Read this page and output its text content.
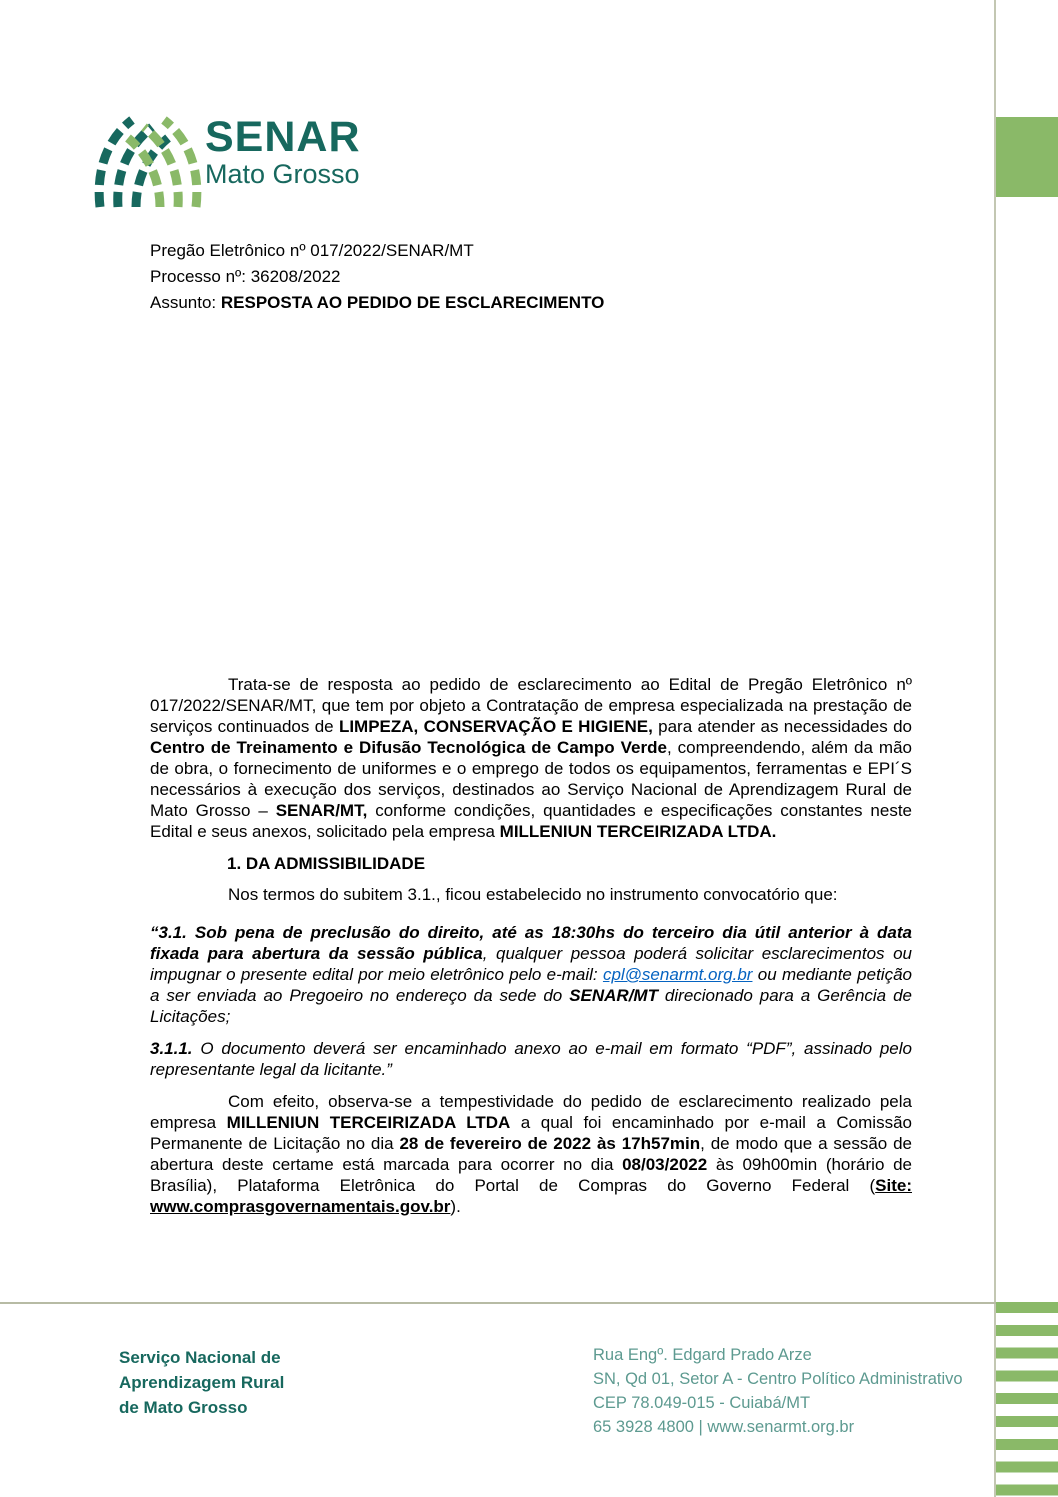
SENAR
Mato Grosso
Pregão Eletrônico nº 017/2022/SENAR/MT
Processo nº: 36208/2022
Assunto: RESPOSTA AO PEDIDO DE ESCLARECIMENTO

Trata-se de resposta ao pedido de esclarecimento ao Edital de Pregão Eletrônico nº 017/2022/SENAR/MT, que tem por objeto a Contratação de empresa especializada na prestação de serviços continuados de LIMPEZA, CONSERVAÇÃO E HIGIENE, para atender as necessidades do Centro de Treinamento e Difusão Tecnológica de Campo Verde, compreendendo, além da mão de obra, o fornecimento de uniformes e o emprego de todos os equipamentos, ferramentas e EPI´S necessários à execução dos serviços, destinados ao Serviço Nacional de Aprendizagem Rural de Mato Grosso – SENAR/MT, conforme condições, quantidades e especificações constantes neste Edital e seus anexos, solicitado pela empresa MILLENIUN TERCEIRIZADA LTDA.

1. DA ADMISSIBILIDADE

Nos termos do subitem 3.1., ficou estabelecido no instrumento convocatório que:

“3.1. Sob pena de preclusão do direito, até as 18:30hs do terceiro dia útil anterior à data fixada para abertura da sessão pública, qualquer pessoa poderá solicitar esclarecimentos ou impugnar o presente edital por meio eletrônico pelo e-mail: cpl@senarmt.org.br ou mediante petição a ser enviada ao Pregoeiro no endereço da sede do SENAR/MT direcionado para a Gerência de Licitações;

3.1.1. O documento deverá ser encaminhado anexo ao e-mail em formato “PDF”, assinado pelo representante legal da licitante.”

Com efeito, observa-se a tempestividade do pedido de esclarecimento realizado pela empresa MILLENIUN TERCEIRIZADA LTDA a qual foi encaminhado por e-mail a Comissão Permanente de Licitação no dia 28 de fevereiro de 2022 às 17h57min, de modo que a sessão de abertura deste certame está marcada para ocorrer no dia 08/03/2022 às 09h00min (horário de Brasília), Plataforma Eletrônica do Portal de Compras do Governo Federal (Site: www.comprasgovernamentais.gov.br).

Serviço Nacional de
Aprendizagem Rural
de Mato Grosso
Rua Engº. Edgard Prado Arze
SN, Qd 01, Setor A - Centro Político Administrativo
CEP 78.049-015 - Cuiabá/MT
65 3928 4800 | www.senarmt.org.br
